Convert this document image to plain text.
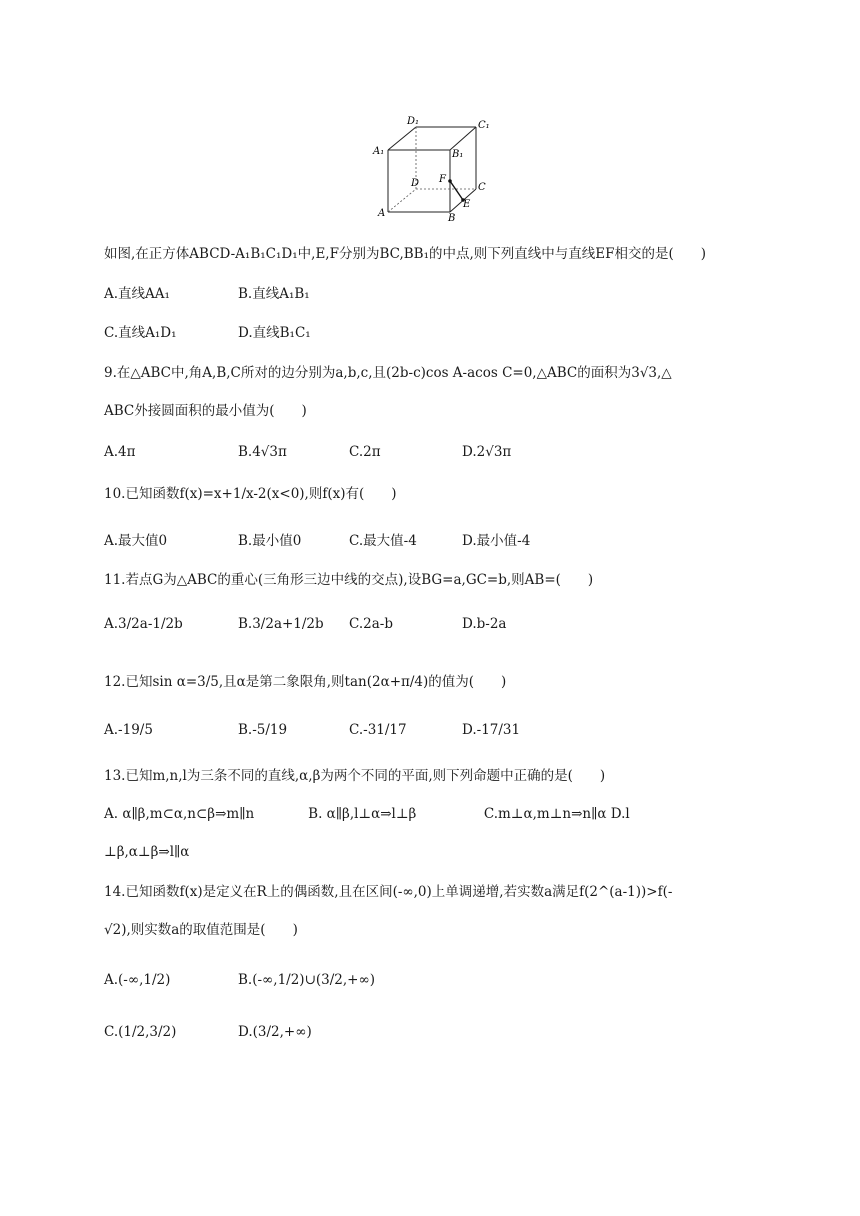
D₁	C₁
A₁	B₁
D F
C
E
A	B
如图,在正方体ABCD-A₁B₁C₁D₁中,E,F分别为BC,BB₁的中点,则下列直线中与直线EF相交的是(　　)
A.直线AA₁	B.直线A₁B₁
C.直线A₁D₁	D.直线B₁C₁
9.在△ABC中,角A,B,C所对的边分别为a,b,c,且(2b-c)cos A-acos C=0,△ABC的面积为3√3,△
ABC外接圆面积的最小值为(　　)
A.4π	B.4√3π	C.2π	D.2√3π
10.已知函数f(x)=x+1/x-2(x<0),则f(x)有(　　)
A.最大值0	B.最小值0	C.最大值-4	D.最小值-4
11.若点G为△ABC的重心(三角形三边中线的交点),设BG=a,GC=b,则AB=(　　)
A.3/2a-1/2b	B.3/2a+1/2b C.2a-b	D.b-2a
12.已知sin α=3/5,且α是第二象限角,则tan(2α+π/4)的值为(　　)
A.-19/5	B.-5/19	C.-31/17	D.-17/31
13.已知m,n,l为三条不同的直线,α,β为两个不同的平面,则下列命题中正确的是(　　)
A. α∥β,m⊂α,n⊂β⇒m∥n　　　　B. α∥β,l⊥α⇒l⊥β　　　　　C.m⊥α,m⊥n⇒n∥α D.l
⊥β,α⊥β⇒l∥α
14.已知函数f(x)是定义在R上的偶函数,且在区间(-∞,0)上单调递增,若实数a满足f(2^(a-1))>f(-
√2),则实数a的取值范围是(　　)
A.(-∞,1/2)	B.(-∞,1/2)∪(3/2,+∞)
C.(1/2,3/2)	D.(3/2,+∞)
